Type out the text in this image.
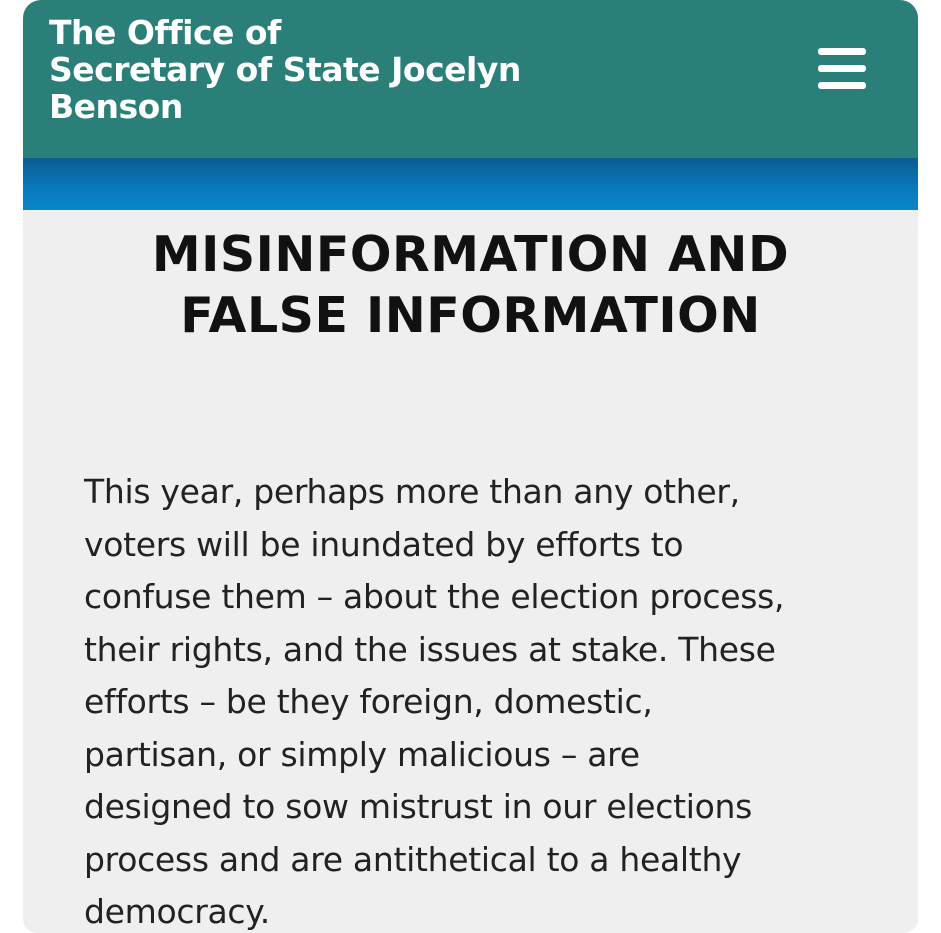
The Office of
Secretary of State Jocelyn
Benson
MISINFORMATION AND
FALSE INFORMATION

This year, perhaps more than any other,
voters will be inundated by efforts to
confuse them – about the election process,
their rights, and the issues at stake. These
efforts – be they foreign, domestic,
partisan, or simply malicious – are
designed to sow mistrust in our elections
process and are antithetical to a healthy
democracy.
